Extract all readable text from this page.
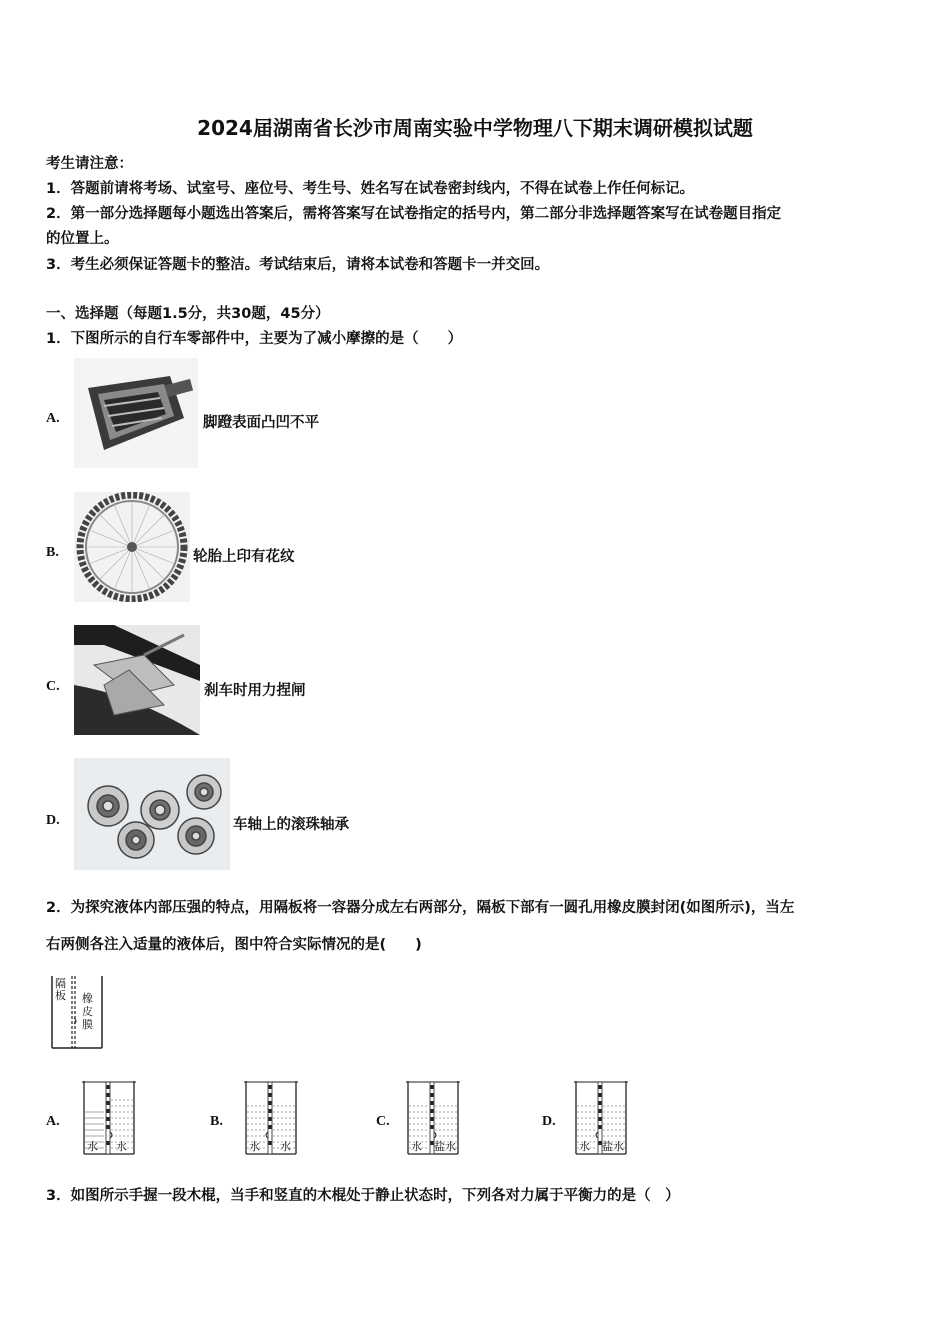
2024届湖南省长沙市周南实验中学物理八下期末调研模拟试题
考生请注意：
1．答题前请将考场、试室号、座位号、考生号、姓名写在试卷密封线内，不得在试卷上作任何标记。
2．第一部分选择题每小题选出答案后，需将答案写在试卷指定的括号内，第二部分非选择题答案写在试卷题目指定
的位置上。
3．考生必须保证答题卡的整洁。考试结束后，请将本试卷和答题卡一并交回。
一、选择题（每题1.5分，共30题，45分）
1．下图所示的自行车零部件中，主要为了减小摩擦的是（　　）
A.	脚蹬表面凸凹不平
B.	轮胎上印有花纹
C.	刹车时用力捏闸
D.	车轴上的滚珠轴承
2．为探究液体内部压强的特点，用隔板将一容器分成左右两部分，隔板下部有一圆孔用橡皮膜封闭(如图所示)，当左
右两侧各注入适量的液体后，图中符合实际情况的是(　　)
隔
板 橡
皮
膜
A.
水 水
B.
水 水
C.
水 盐水
D.
水 盐水
3．如图所示手握一段木棍，当手和竖直的木棍处于静止状态时，下列各对力属于平衡力的是（　）
